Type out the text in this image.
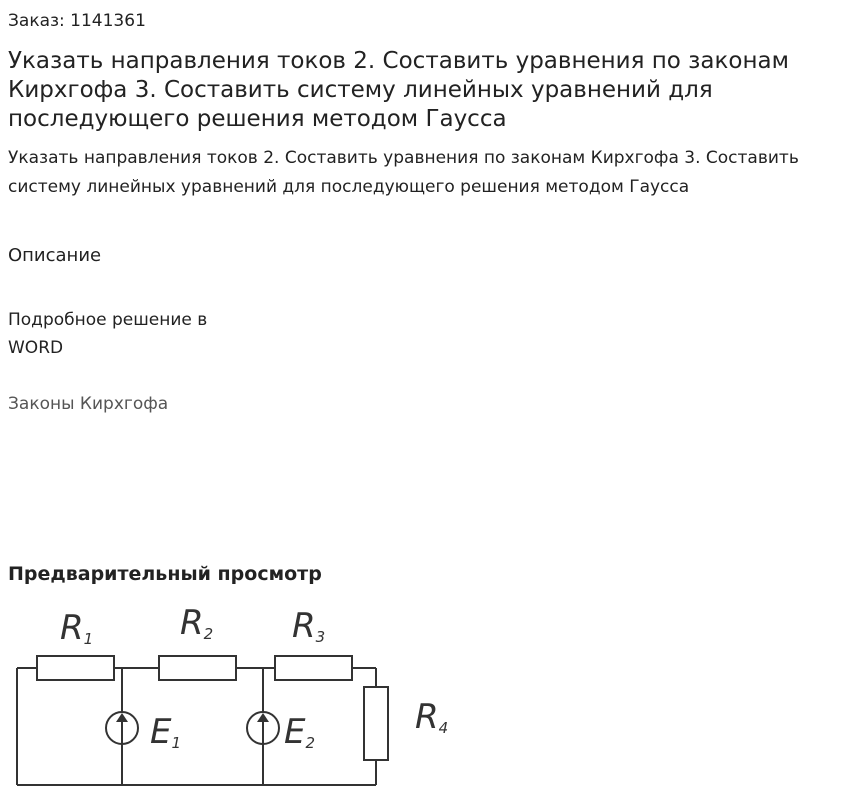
Заказ: 1141361
Указать направления токов 2. Составить уравнения по законам Кирхгофа 3. Составить систему линейных уравнений для последующего решения методом Гаусса

Указать направления токов 2. Составить уравнения по законам Кирхгофа 3. Составить систему линейных уравнений для последующего решения методом Гаусса

Описание

Подробное решение в WORD

Законы Кирхгофа
Предварительный просмотр
R1	R2 R3
R4
E1	E2
